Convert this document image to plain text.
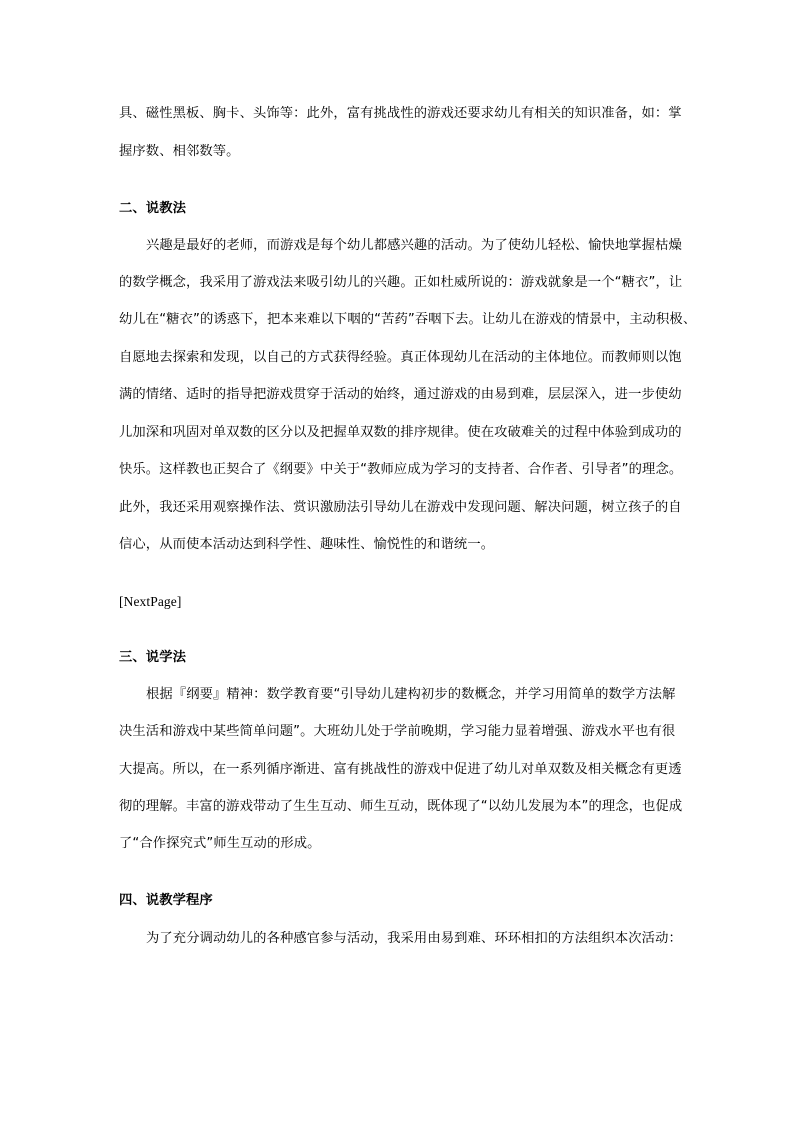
具、磁性黑板、胸卡、头饰等：此外，富有挑战性的游戏还要求幼儿有相关的知识准备，如：掌
握序数、相邻数等。
二、说教法
兴趣是最好的老师，而游戏是每个幼儿都感兴趣的活动。为了使幼儿轻松、愉快地掌握枯燥
的数学概念，我采用了游戏法来吸引幼儿的兴趣。正如杜威所说的：游戏就象是一个“糖衣”，让
幼儿在“糖衣”的诱惑下，把本来难以下咽的“苦药”吞咽下去。让幼儿在游戏的情景中，主动积极、
自愿地去探索和发现，以自己的方式获得经验。真正体现幼儿在活动的主体地位。而教师则以饱
满的情绪、适时的指导把游戏贯穿于活动的始终，通过游戏的由易到难，层层深入，进一步使幼
儿加深和巩固对单双数的区分以及把握单双数的排序规律。使在攻破难关的过程中体验到成功的
快乐。这样教也正契合了《纲要》中关于“教师应成为学习的支持者、合作者、引导者”的理念。
此外，我还采用观察操作法、赏识激励法引导幼儿在游戏中发现问题、解决问题，树立孩子的自
信心，从而使本活动达到科学性、趣味性、愉悦性的和谐统一。
[NextPage]
三、说学法
根据『纲要』精神：数学教育要“引导幼儿建构初步的数概念，并学习用简单的数学方法解
决生活和游戏中某些简单问题”。大班幼儿处于学前晚期，学习能力显着增强、游戏水平也有很
大提高。所以，在一系列循序渐进、富有挑战性的游戏中促进了幼儿对单双数及相关概念有更透
彻的理解。丰富的游戏带动了生生互动、师生互动，既体现了“以幼儿发展为本”的理念，也促成
了“合作探究式”师生互动的形成。
四、说教学程序
为了充分调动幼儿的各种感官参与活动，我采用由易到难、环环相扣的方法组织本次活动：
